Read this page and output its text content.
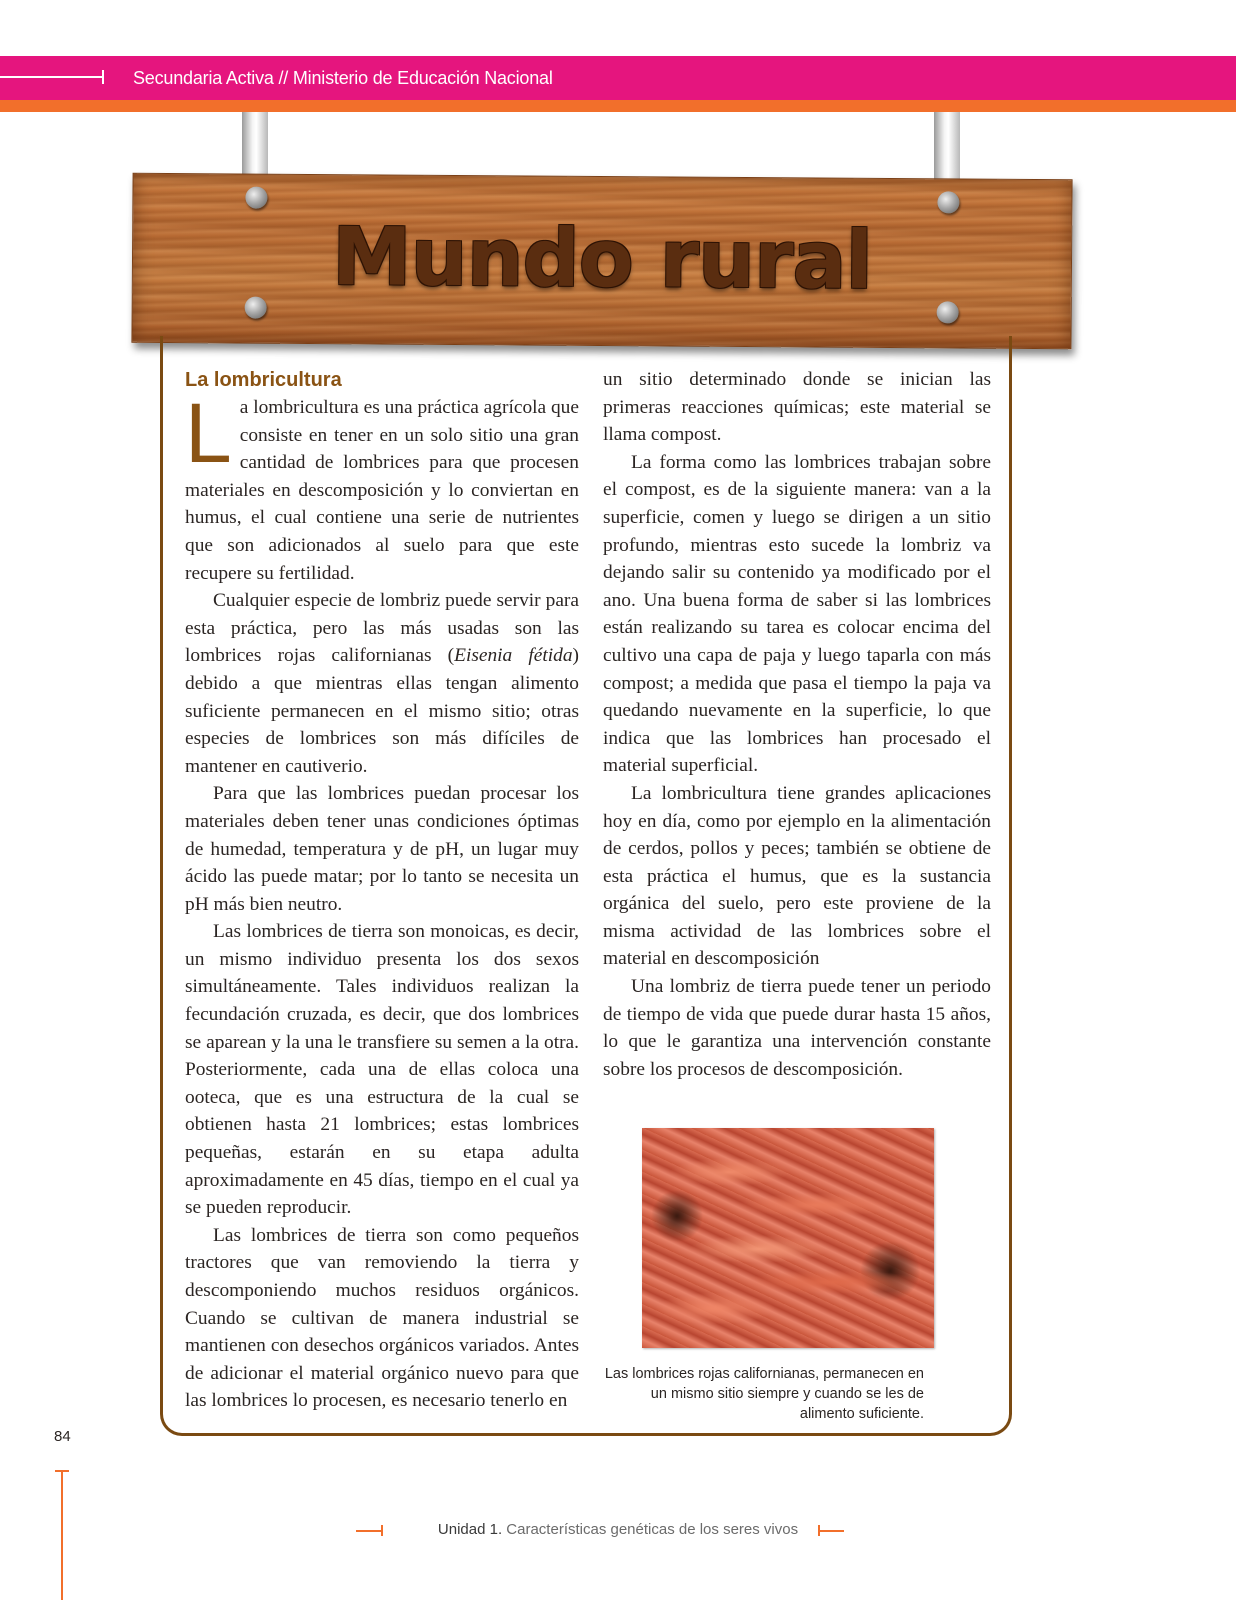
Secundaria Activa // Ministerio de Educación Nacional
Mundo rural
La lombricultura

La lombricultura es una práctica agrícola que consiste en tener en un solo sitio una gran cantidad de lombrices para que procesen materiales en descomposición y lo conviertan en humus, el cual contiene una serie de nutrientes que son adicionados al suelo para que este recupere su fertilidad.

Cualquier especie de lombriz puede servir para esta práctica, pero las más usadas son las lombrices rojas californianas (Eisenia fétida) debido a que mientras ellas tengan alimento suficiente permanecen en el mismo sitio; otras especies de lombrices son más difíciles de mantener en cautiverio.

Para que las lombrices puedan procesar los materiales deben tener unas condiciones óptimas de humedad, temperatura y de pH, un lugar muy ácido las puede matar; por lo tanto se necesita un pH más bien neutro.

Las lombrices de tierra son monoicas, es decir, un mismo individuo presenta los dos sexos simultáneamente. Tales individuos realizan la fecundación cruzada, es decir, que dos lombrices se aparean y la una le transfiere su semen a la otra. Posteriormente, cada una de ellas coloca una ooteca, que es una estructura de la cual se obtienen hasta 21 lombrices; estas lombrices pequeñas, estarán en su etapa adulta aproximadamente en 45 días, tiempo en el cual ya se pueden reproducir.

Las lombrices de tierra son como pequeños tractores que van removiendo la tierra y descomponiendo muchos residuos orgánicos. Cuando se cultivan de manera industrial se mantienen con desechos orgánicos variados. Antes de adicionar el material orgánico nuevo para que las lombrices lo procesen, es necesario tenerlo en

un sitio determinado donde se inician las primeras reacciones químicas; este material se llama compost.

La forma como las lombrices trabajan sobre el compost, es de la siguiente manera: van a la superficie, comen y luego se dirigen a un sitio profundo, mientras esto sucede la lombriz va dejando salir su contenido ya modificado por el ano. Una buena forma de saber si las lombrices están realizando su tarea es colocar encima del cultivo una capa de paja y luego taparla con más compost; a medida que pasa el tiempo la paja va quedando nuevamente en la superficie, lo que indica que las lombrices han procesado el material superficial.

La lombricultura tiene grandes aplicaciones hoy en día, como por ejemplo en la alimentación de cerdos, pollos y peces; también se obtiene de esta práctica el humus, que es la sustancia orgánica del suelo, pero este proviene de la misma actividad de las lombrices sobre el material en descomposición

Una lombriz de tierra puede tener un periodo de tiempo de vida que puede durar hasta 15 años, lo que le garantiza una intervención constante sobre los procesos de descomposición.

Las lombrices rojas californianas, permanecen en un mismo sitio siempre y cuando se les de alimento suficiente.
84
Unidad 1. Características genéticas de los seres vivos
